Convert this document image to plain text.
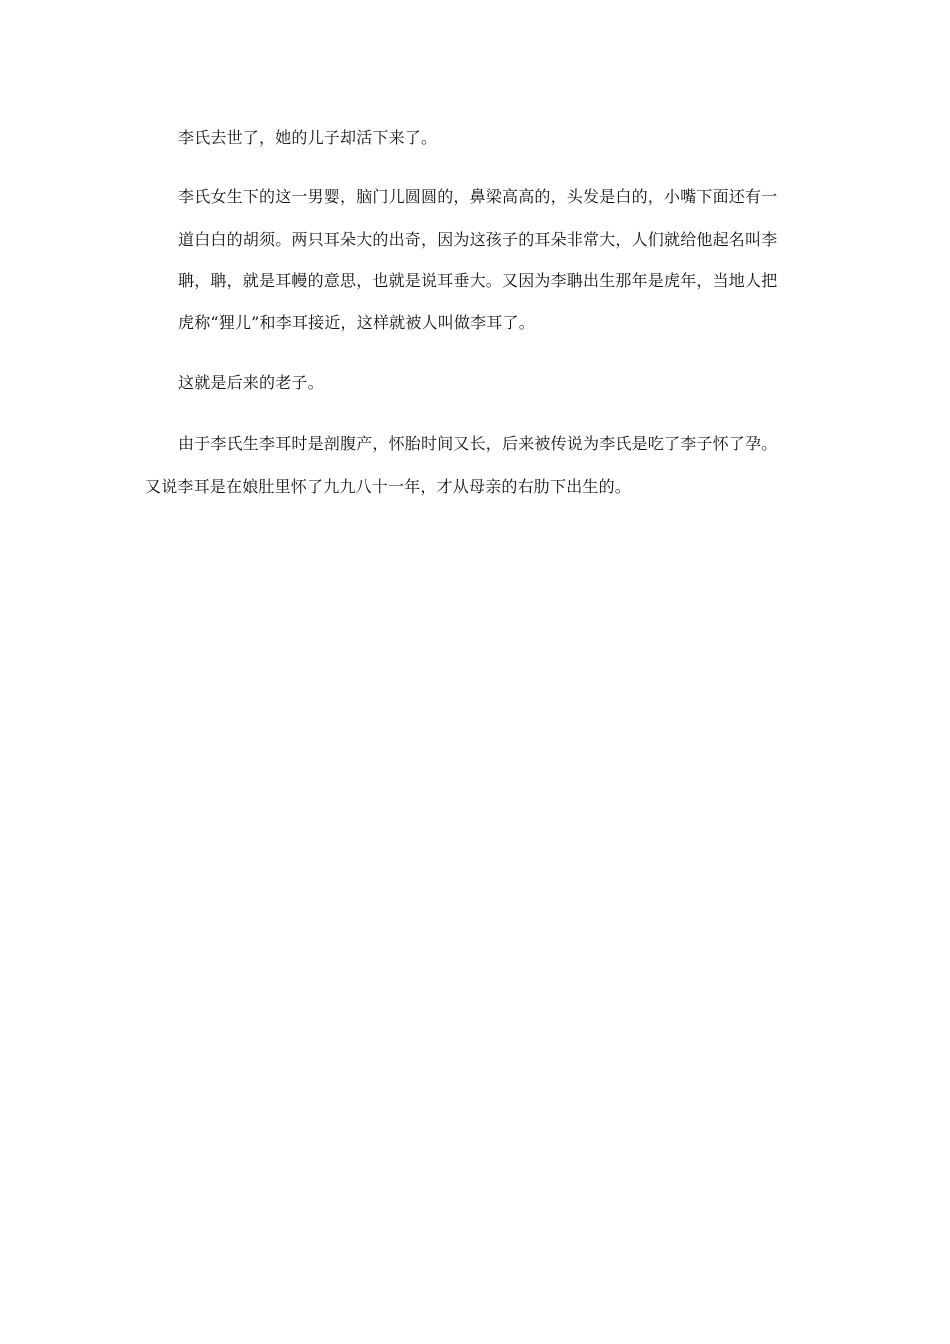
李氏去世了，她的儿子却活下来了。

李氏女生下的这一男婴，脑门儿圆圆的，鼻梁高高的，头发是白的，小嘴下面还有一

道白白的胡须。两只耳朵大的出奇，因为这孩子的耳朵非常大，人们就给他起名叫李

聃，聃，就是耳幔的意思，也就是说耳垂大。又因为李聃出生那年是虎年，当地人把

虎称“狸儿”和李耳接近，这样就被人叫做李耳了。

这就是后来的老子。

由于李氏生李耳时是剖腹产，怀胎时间又长，后来被传说为李氏是吃了李子怀了孕。

又说李耳是在娘肚里怀了九九八十一年，才从母亲的右肋下出生的。
